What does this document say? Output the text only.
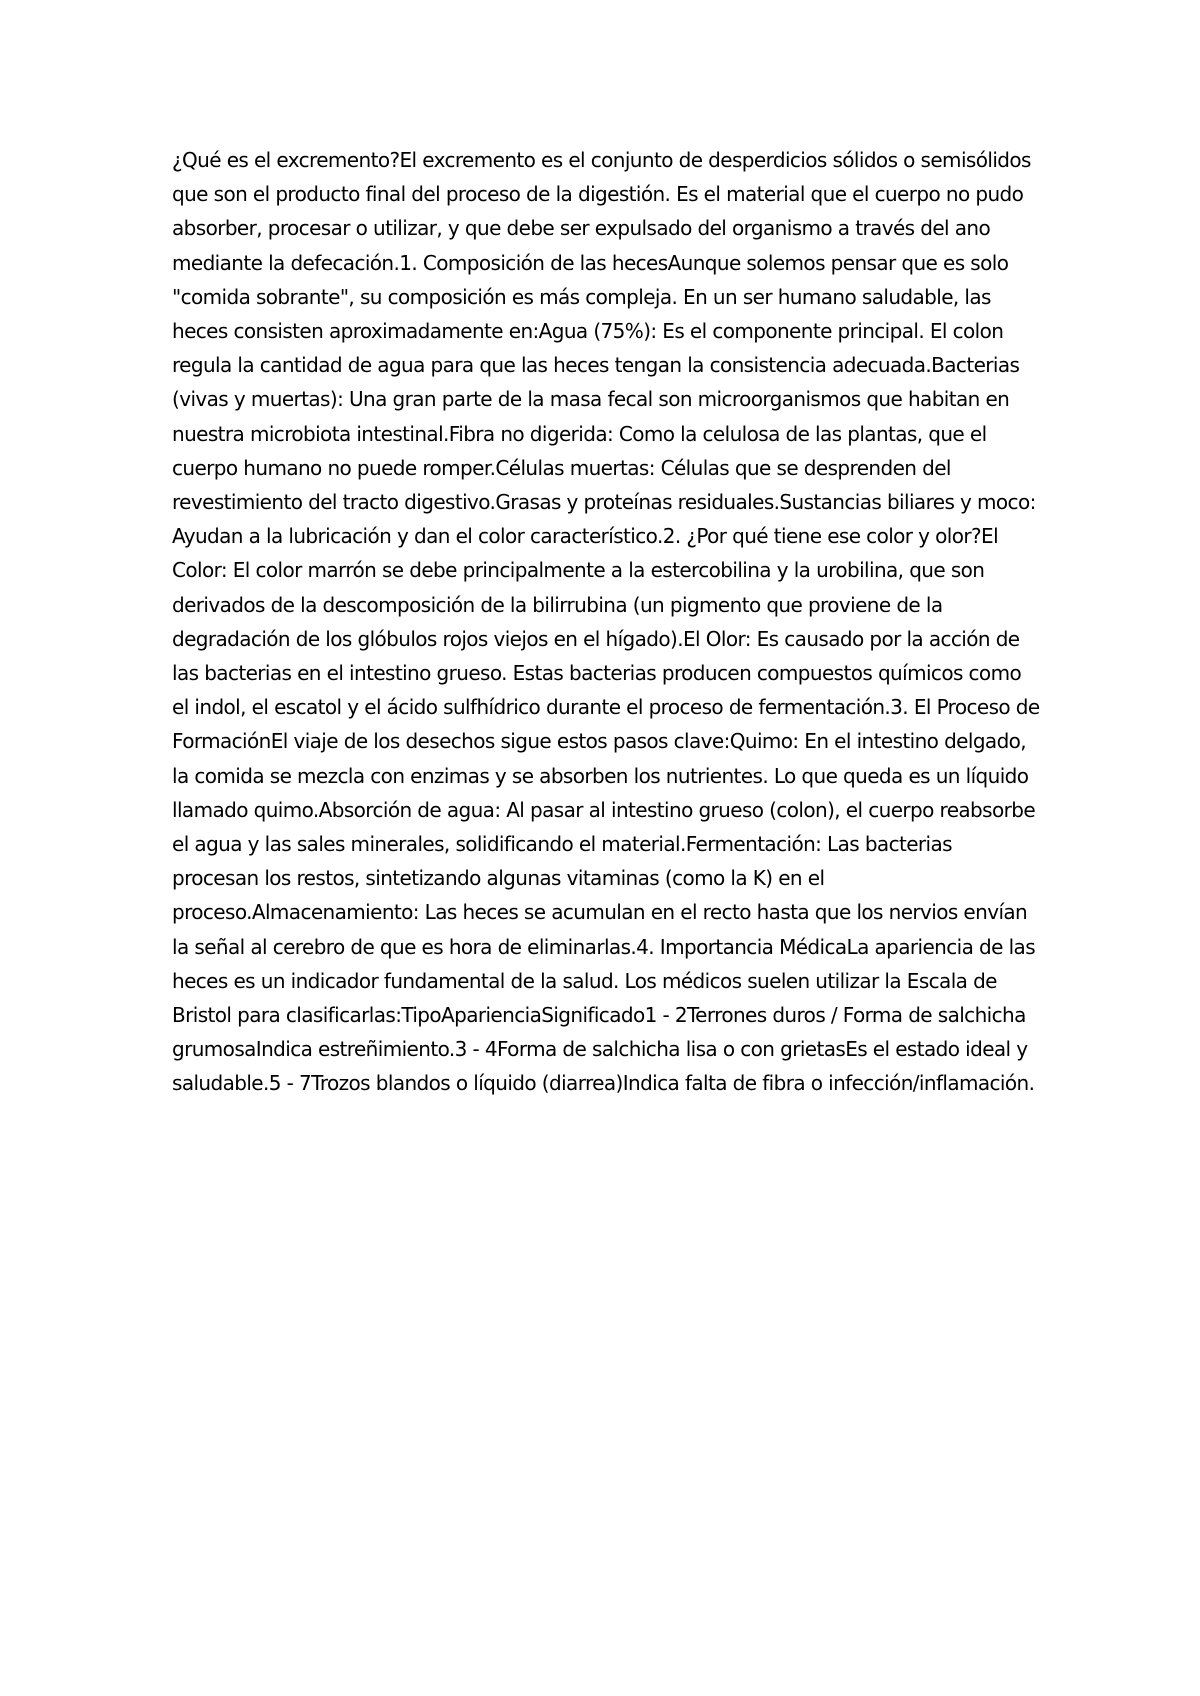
¿Qué es el excremento?El excremento es el conjunto de desperdicios sólidos o semisólidos que son el producto final del proceso de la digestión. Es el material que el cuerpo no pudo absorber, procesar o utilizar, y que debe ser expulsado del organismo a través del ano mediante la defecación.1. Composición de las hecesAunque solemos pensar que es solo "comida sobrante", su composición es más compleja. En un ser humano saludable, las heces consisten aproximadamente en:Agua (75%): Es el componente principal. El colon regula la cantidad de agua para que las heces tengan la consistencia adecuada.Bacterias (vivas y muertas): Una gran parte de la masa fecal son microorganismos que habitan en nuestra microbiota intestinal.Fibra no digerida: Como la celulosa de las plantas, que el cuerpo humano no puede romper.Células muertas: Células que se desprenden del revestimiento del tracto digestivo.Grasas y proteínas residuales.Sustancias biliares y moco: Ayudan a la lubricación y dan el color característico.2. ¿Por qué tiene ese color y olor?El Color: El color marrón se debe principalmente a la estercobilina y la urobilina, que son derivados de la descomposición de la bilirrubina (un pigmento que proviene de la degradación de los glóbulos rojos viejos en el hígado).El Olor: Es causado por la acción de las bacterias en el intestino grueso. Estas bacterias producen compuestos químicos como el indol, el escatol y el ácido sulfhídrico durante el proceso de fermentación.3. El Proceso de FormaciónEl viaje de los desechos sigue estos pasos clave:Quimo: En el intestino delgado, la comida se mezcla con enzimas y se absorben los nutrientes. Lo que queda es un líquido llamado quimo.Absorción de agua: Al pasar al intestino grueso (colon), el cuerpo reabsorbe el agua y las sales minerales, solidificando el material.Fermentación: Las bacterias procesan los restos, sintetizando algunas vitaminas (como la K) en el proceso.Almacenamiento: Las heces se acumulan en el recto hasta que los nervios envían la señal al cerebro de que es hora de eliminarlas.4. Importancia MédicaLa apariencia de las heces es un indicador fundamental de la salud. Los médicos suelen utilizar la Escala de Bristol para clasificarlas:TipoAparienciaSignificado1 - 2Terrones duros / Forma de salchicha grumosaIndica estreñimiento.3 - 4Forma de salchicha lisa o con grietasEs el estado ideal y saludable.5 - 7Trozos blandos o líquido (diarrea)Indica falta de fibra o infección/inflamación.
